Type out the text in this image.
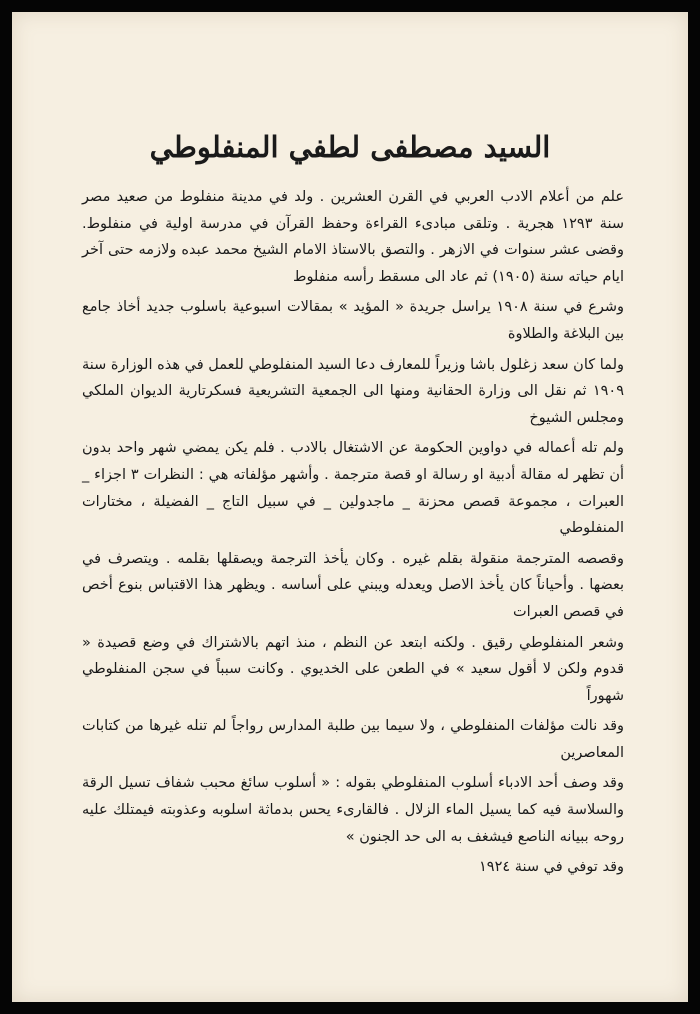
السيد مصطفى لطفي المنفلوطي

علم من أعلام الادب العربي في القرن العشرين . ولد في مدينة منفلوط من صعيد مصر سنة ١٢٩٣ هجرية . وتلقى مبادىء القراءة وحفظ القرآن في مدرسة اولية في منفلوط. وقضى عشر سنوات في الازهر . والتصق بالاستاذ الامام الشيخ محمد عبده ولازمه حتى آخر ايام حياته سنة (١٩٠٥) ثم عاد الى مسقط رأسه منفلوط

وشرع في سنة ١٩٠٨ يراسل جريدة « المؤيد » بمقالات اسبوعية باسلوب جديد أخاذ جامع بين البلاغة والطلاوة

ولما كان سعد زغلول باشا وزيراً للمعارف دعا السيد المنفلوطي للعمل في هذه الوزارة سنة ١٩٠٩ ثم نقل الى وزارة الحقانية ومنها الى الجمعية التشريعية فسكرتارية الديوان الملكي ومجلس الشيوخ

ولم تله أعماله في دواوين الحكومة عن الاشتغال بالادب . فلم يكن يمضي شهر واحد بدون أن تظهر له مقالة أدبية او رسالة او قصة مترجمة . وأشهر مؤلفاته هي : النظرات ٣ اجزاء _ العبرات ، مجموعة قصص محزنة _ ماجدولين _ في سبيل التاج _ الفضيلة ، مختارات المنفلوطي

وقصصه المترجمة منقولة بقلم غيره . وكان يأخذ الترجمة ويصقلها بقلمه . ويتصرف في بعضها . وأحياناً كان يأخذ الاصل ويعدله ويبني على أساسه . ويظهر هذا الاقتباس بنوع أخص في قصص العبرات

وشعر المنفلوطي رقيق . ولكنه ابتعد عن النظم ، منذ اتهم بالاشتراك في وضع قصيدة « قدوم ولكن لا أقول سعيد » في الطعن على الخديوي . وكانت سبباً في سجن المنفلوطي شهوراً

وقد نالت مؤلفات المنفلوطي ، ولا سيما بين طلبة المدارس رواجاً لم تنله غيرها من كتابات المعاصرين

وقد وصف أحد الادباء أسلوب المنفلوطي بقوله : « أسلوب سائغ محبب شفاف تسيل الرقة والسلاسة فيه كما يسيل الماء الزلال . فالقارىء يحس بدماثة اسلوبه وعذوبته فيمتلك عليه روحه ببيانه الناصع فيشغف به الى حد الجنون »

وقد توفي في سنة ١٩٢٤
